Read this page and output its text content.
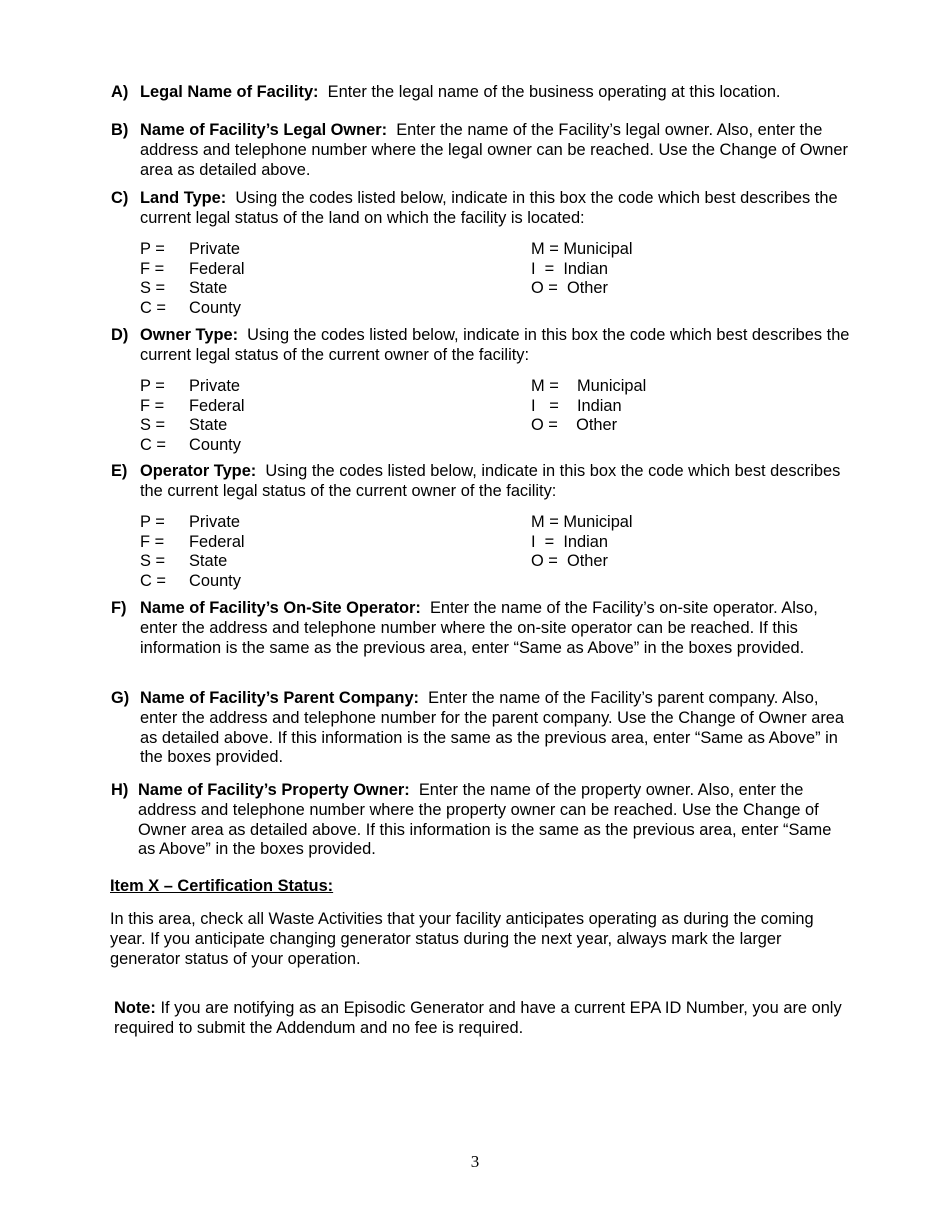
A) Legal Name of Facility: Enter the legal name of the business operating at this location.
B) Name of Facility’s Legal Owner: Enter the name of the Facility’s legal owner. Also, enter the address and telephone number where the legal owner can be reached. Use the Change of Owner area as detailed above.
C) Land Type: Using the codes listed below, indicate in this box the code which best describes the current legal status of the land on which the facility is located:
P = Private
F = Federal
S = State
C = County
M = Municipal
I  =  Indian
O =  Other
D) Owner Type: Using the codes listed below, indicate in this box the code which best describes the current legal status of the current owner of the facility:
P = Private
F = Federal
S = State
C = County
M =    Municipal
I   =    Indian
O =    Other
E) Operator Type: Using the codes listed below, indicate in this box the code which best describes the current legal status of the current owner of the facility:
P = Private
F = Federal
S = State
C = County
M = Municipal
I  =  Indian
O =  Other
F) Name of Facility’s On-Site Operator: Enter the name of the Facility’s on-site operator. Also, enter the address and telephone number where the on-site operator can be reached. If this information is the same as the previous area, enter “Same as Above” in the boxes provided.
G) Name of Facility’s Parent Company: Enter the name of the Facility’s parent company. Also, enter the address and telephone number for the parent company. Use the Change of Owner area as detailed above. If this information is the same as the previous area, enter “Same as Above” in the boxes provided.
H) Name of Facility’s Property Owner: Enter the name of the property owner. Also, enter the address and telephone number where the property owner can be reached. Use the Change of Owner area as detailed above. If this information is the same as the previous area, enter “Same as Above” in the boxes provided.
Item X – Certification Status:
In this area, check all Waste Activities that your facility anticipates operating as during the coming year. If you anticipate changing generator status during the next year, always mark the larger generator status of your operation.
Note: If you are notifying as an Episodic Generator and have a current EPA ID Number, you are only required to submit the Addendum and no fee is required.
3
